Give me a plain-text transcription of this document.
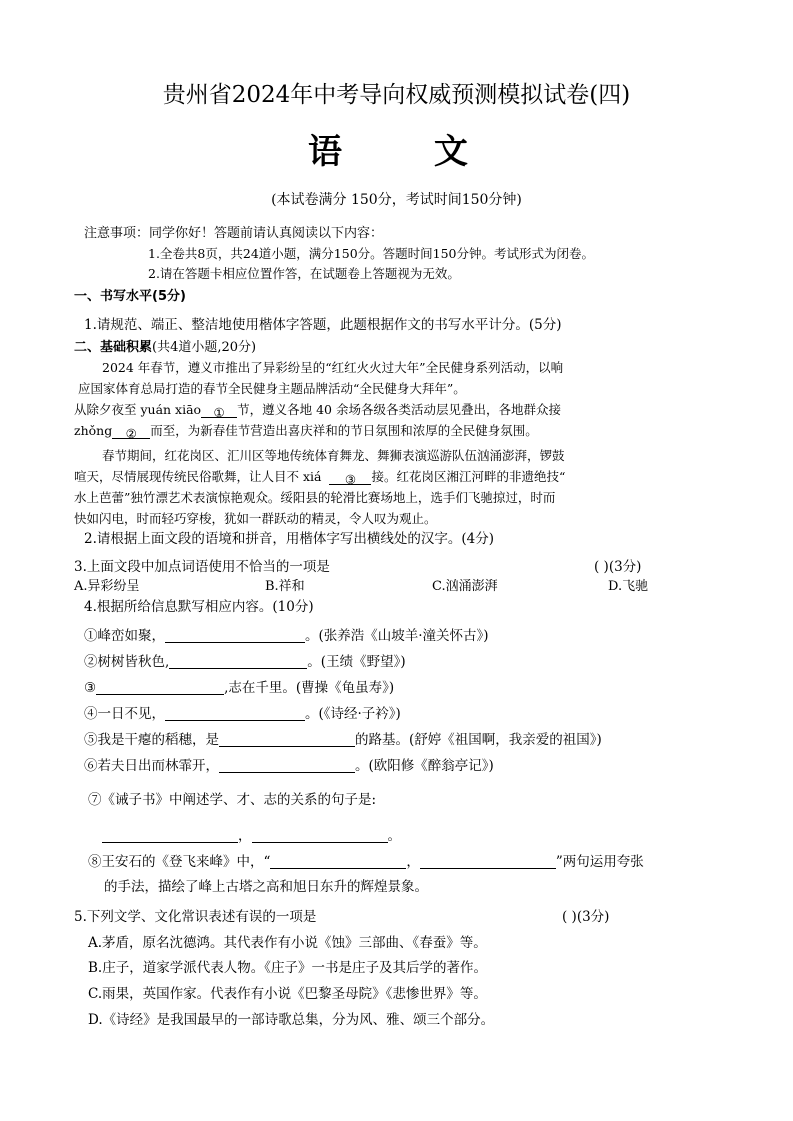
贵州省2024年中考导向权威预测模拟试卷(四)
语 文
(本试卷满分 150分，考试时间150分钟)
注意事项：同学你好！答题前请认真阅读以下内容：
1.全卷共8页，共24道小题，满分150分。答题时间150分钟。考试形式为闭卷。
2.请在答题卡相应位置作答，在试题卷上答题视为无效。
一、书写水平(5分)
1.请规范、端正、整洁地使用楷体字答题，此题根据作文的书写水平计分。(5分)
二、基础积累(共4道小题,20分)
2024 年春节，遵义市推出了异彩纷呈的“红红火火过大年”全民健身系列活动，以响
应国家体育总局打造的春节全民健身主题品牌活动“全民健身大拜年”。
从除夕夜至 yuán xiāo ① 节，遵义各地 40 余场各级各类活动层见叠出，各地群众接
zhǒng ② 而至，为新春佳节营造出喜庆祥和的节日氛围和浓厚的全民健身氛围。
春节期间，红花岗区、汇川区等地传统体育舞龙、舞狮表演巡游队伍汹涌澎湃，锣鼓
喧天，尽情展现传统民俗歌舞，让人目不 xiá ③ 接。红花岗区湘江河畔的非遗绝技“
水上芭蕾”独竹漂艺术表演惊艳观众。绥阳县的轮滑比赛场地上，选手们飞驰掠过，时而
快如闪电，时而轻巧穿梭，犹如一群跃动的精灵，令人叹为观止。
2.请根据上面文段的语境和拼音，用楷体字写出横线处的汉字。(4分)
3.上面文段中加点词语使用不恰当的一项是	( )(3分)
A.异彩纷呈	B.祥和	C.汹涌澎湃	D.飞驰
4.根据所给信息默写相应内容。(10分)
①峰峦如聚，	。(张养浩《山坡羊·潼关怀古》)
②树树皆秋色,	。(王绩《野望》)
③	,志在千里。(曹操《龟虽寿》)
④一日不见，	。(《诗经·子衿》)
⑤我是干瘪的稻穗，是	的路基。(舒婷《祖国啊，我亲爱的祖国》)
⑥若夫日出而林霏开，	。(欧阳修《醉翁亭记》)
⑦《诫子书》中阐述学、才、志的关系的句子是:
，	。
⑧王安石的《登飞来峰》中，“	，	”两句运用夸张
的手法，描绘了峰上古塔之高和旭日东升的辉煌景象。
5.下列文学、文化常识表述有误的一项是	( )(3分)
A.茅盾，原名沈德鸿。其代表作有小说《蚀》三部曲、《春蚕》等。
B.庄子，道家学派代表人物。《庄子》一书是庄子及其后学的著作。
C.雨果，英国作家。代表作有小说《巴黎圣母院》《悲惨世界》等。
D.《诗经》是我国最早的一部诗歌总集，分为风、雅、颂三个部分。
